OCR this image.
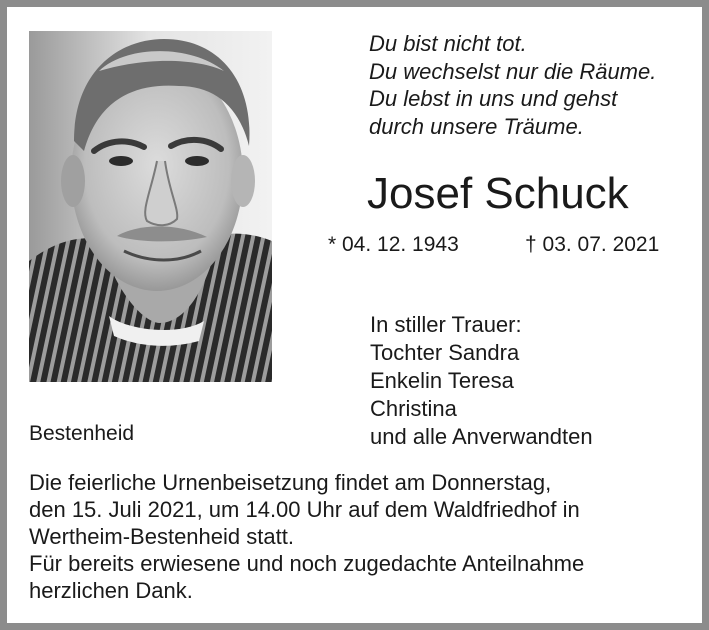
Du bist nicht tot.
Du wechselst nur die Räume.
Du lebst in uns und gehst
durch unsere Träume.
Josef Schuck
* 04. 12. 1943	† 03. 07. 2021
In stiller Trauer:
Tochter Sandra
Enkelin Teresa
Christina
und alle Anverwandten
Bestenheid
Die feierliche Urnenbeisetzung findet am Donnerstag,
den 15. Juli 2021, um 14.00 Uhr auf dem Waldfriedhof in
Wertheim-Bestenheid statt.
Für bereits erwiesene und noch zugedachte Anteilnahme
herzlichen Dank.
